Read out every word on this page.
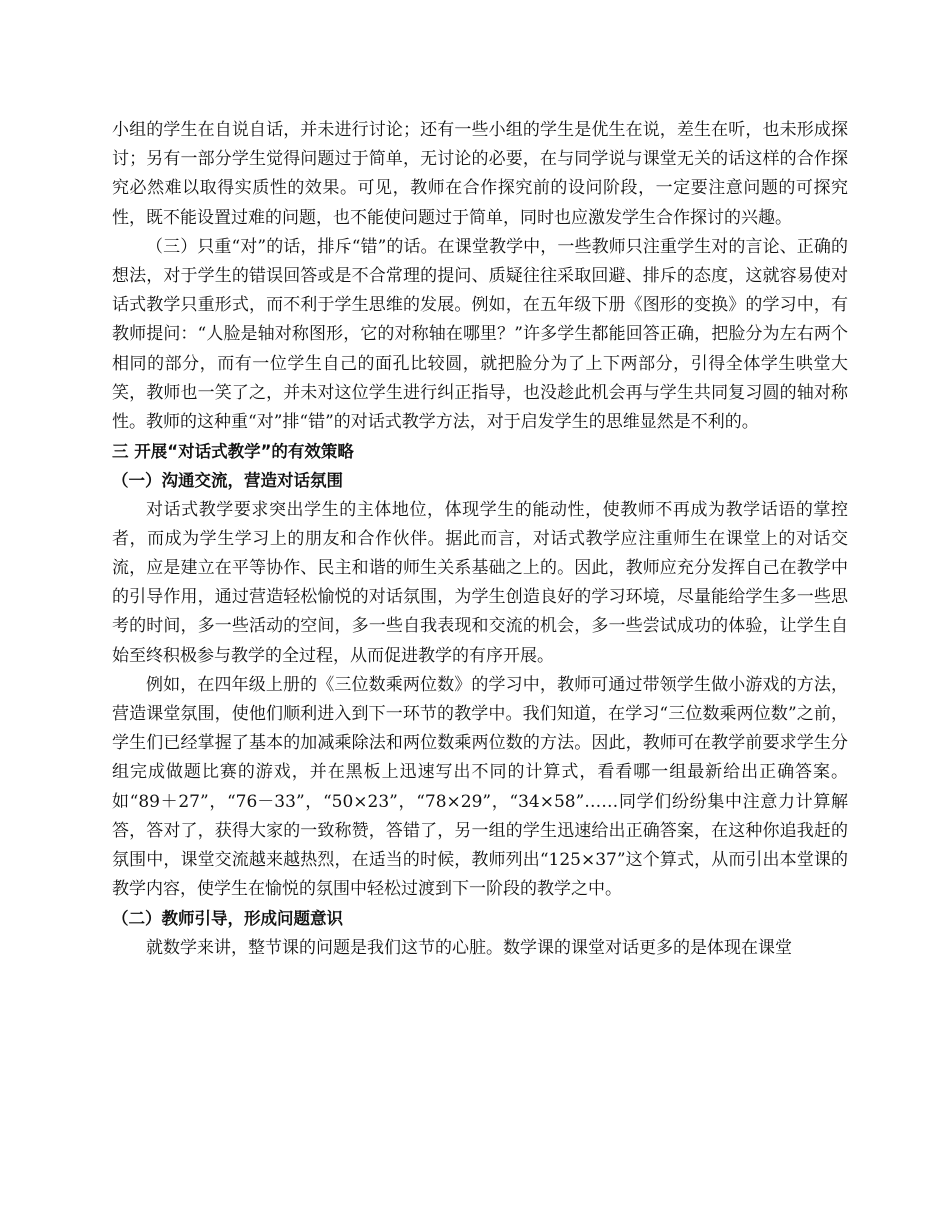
小组的学生在自说自话，并未进行讨论；还有一些小组的学生是优生在说，差生在听，也未形成探讨；另有一部分学生觉得问题过于简单，无讨论的必要，在与同学说与课堂无关的话这样的合作探究必然难以取得实质性的效果。可见，教师在合作探究前的设问阶段，一定要注意问题的可探究性，既不能设置过难的问题，也不能使问题过于简单，同时也应激发学生合作探讨的兴趣。

（三）只重“对”的话，排斥“错”的话。在课堂教学中，一些教师只注重学生对的言论、正确的想法，对于学生的错误回答或是不合常理的提问、质疑往往采取回避、排斥的态度，这就容易使对话式教学只重形式，而不利于学生思维的发展。例如，在五年级下册《图形的变换》的学习中，有教师提问：“人脸是轴对称图形，它的对称轴在哪里？”许多学生都能回答正确，把脸分为左右两个相同的部分，而有一位学生自己的面孔比较圆，就把脸分为了上下两部分，引得全体学生哄堂大笑，教师也一笑了之，并未对这位学生进行纠正指导，也没趁此机会再与学生共同复习圆的轴对称性。教师的这种重“对”排“错”的对话式教学方法，对于启发学生的思维显然是不利的。

三 开展“对话式教学”的有效策略

（一）沟通交流，营造对话氛围

对话式教学要求突出学生的主体地位，体现学生的能动性，使教师不再成为教学话语的掌控者，而成为学生学习上的朋友和合作伙伴。据此而言，对话式教学应注重师生在课堂上的对话交流，应是建立在平等协作、民主和谐的师生关系基础之上的。因此，教师应充分发挥自己在教学中的引导作用，通过营造轻松愉悦的对话氛围，为学生创造良好的学习环境，尽量能给学生多一些思考的时间，多一些活动的空间，多一些自我表现和交流的机会，多一些尝试成功的体验，让学生自始至终积极参与教学的全过程，从而促进教学的有序开展。

例如，在四年级上册的《三位数乘两位数》的学习中，教师可通过带领学生做小游戏的方法，营造课堂氛围，使他们顺利进入到下一环节的教学中。我们知道，在学习“三位数乘两位数”之前，学生们已经掌握了基本的加减乘除法和两位数乘两位数的方法。因此，教师可在教学前要求学生分组完成做题比赛的游戏，并在黑板上迅速写出不同的计算式，看看哪一组最新给出正确答案。如“89＋27”，“76－33”，“50×23”，“78×29”，“34×58”……同学们纷纷集中注意力计算解答，答对了，获得大家的一致称赞，答错了，另一组的学生迅速给出正确答案，在这种你追我赶的氛围中，课堂交流越来越热烈，在适当的时候，教师列出“125×37”这个算式，从而引出本堂课的教学内容，使学生在愉悦的氛围中轻松过渡到下一阶段的教学之中。

（二）教师引导，形成问题意识

就数学来讲，整节课的问题是我们这节的心脏。数学课的课堂对话更多的是体现在课堂
